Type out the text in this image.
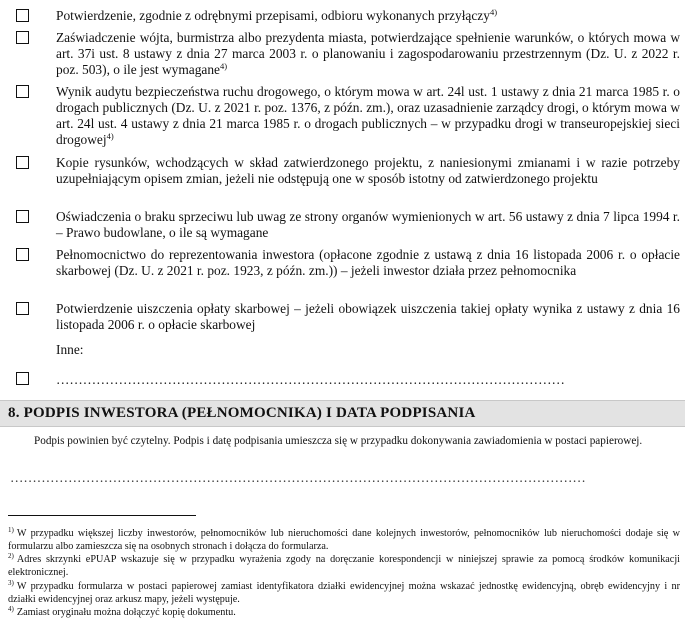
Potwierdzenie, zgodnie z odrębnymi przepisami, odbioru wykonanych przyłączy$^{4)}$
Zaświadczenie wójta, burmistrza albo prezydenta miasta, potwierdzające spełnienie warunków, o których mowa w art. 37i ust. 8 ustawy z dnia 27 marca 2003 r. o planowaniu i zagospodarowaniu przestrzennym (Dz. U. z 2022 r. poz. 503), o ile jest wymagane$^{4)}$
Wynik audytu bezpieczeństwa ruchu drogowego, o którym mowa w art. 24l ust. 1 ustawy z dnia 21 marca 1985 r. o drogach publicznych (Dz. U. z 2021 r. poz. 1376, z późn. zm.), oraz uzasadnienie zarządcy drogi, o którym mowa w art. 24l ust. 4 ustawy z dnia 21 marca 1985 r. o drogach publicznych – w przypadku drogi w transeuropejskiej sieci drogowej$^{4)}$
Kopie rysunków, wchodzących w skład zatwierdzonego projektu, z naniesionymi zmianami i w razie potrzeby uzupełniającym opisem zmian, jeżeli nie odstępują one w sposób istotny od zatwierdzonego projektu
Oświadczenia o braku sprzeciwu lub uwag ze strony organów wymienionych w art. 56 ustawy z dnia 7 lipca 1994 r. – Prawo budowlane, o ile są wymagane
Pełnomocnictwo do reprezentowania inwestora (opłacone zgodnie z ustawą z dnia 16 listopada 2006 r. o opłacie skarbowej (Dz. U. z 2021 r. poz. 1923, z późn. zm.)) – jeżeli inwestor działa przez pełnomocnika
Potwierdzenie uiszczenia opłaty skarbowej – jeżeli obowiązek uiszczenia takiej opłaty wynika z ustawy z dnia 16 listopada 2006 r. o opłacie skarbowej
Inne:
……………………………………………………………………………………………………
8. PODPIS INWESTORA (PEŁNOMOCNIKA) I DATA PODPISANIA
Podpis powinien być czytelny. Podpis i datę podpisania umieszcza się w przypadku dokonywania zawiadomienia w postaci papierowej.
…………………………………………………………………………………………………………………
$^{1)}$ W przypadku większej liczby inwestorów, pełnomocników lub nieruchomości dane kolejnych inwestorów, pełnomocników lub nieruchomości dodaje się w formularzu albo zamieszcza się na osobnych stronach i dołącza do formularza.
$^{2)}$ Adres skrzynki ePUAP wskazuje się w przypadku wyrażenia zgody na doręczanie korespondencji w niniejszej sprawie za pomocą środków komunikacji elektronicznej.
$^{3)}$ W przypadku formularza w postaci papierowej zamiast identyfikatora działki ewidencyjnej można wskazać jednostkę ewidencyjną, obręb ewidencyjny i nr działki ewidencyjnej oraz arkusz mapy, jeżeli występuje.
$^{4)}$ Zamiast oryginału można dołączyć kopię dokumentu.
